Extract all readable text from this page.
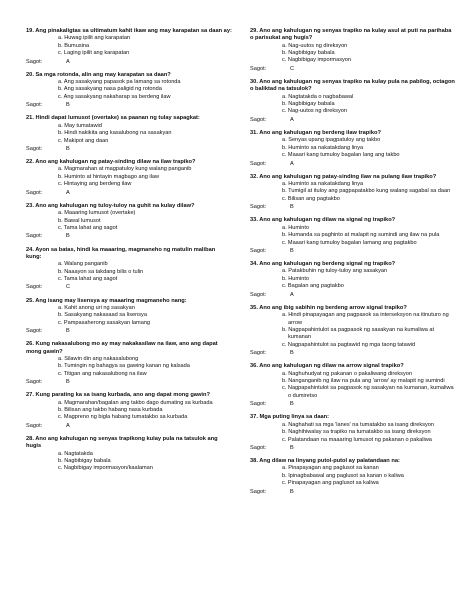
19. Ang pinakaligtas sa ultimatum kahit ikaw ang may karapatan sa daan ay:
a. Huwag ipilit ang karapatan
b. Bumusina
c. Laging ipilit ang karapatan
Sagot:	A
20. Sa mga rotonda, alin ang may karapatan sa daan?
a. Ang sasakyang papasok pa lamang sa rotonda
b. Ang sasakyang nasa paligid ng rotonda
c. Ang sasakyang nakaharap sa berdeng ilaw
Sagot:	B
21. Hindi dapat lumusot (overtake) sa paanan ng tulay sapagkat:
a. May tumatawid
b. Hindi nakikita ang kasalubong na sasakyan
c. Makipot ang daan
Sagot:	B
22. Ano ang kahulugan ng patay-sinding dilaw na ilaw trapiko?
a. Magmarahan at magpatuloy kung walang panganib
b. Huminto at hintayin magbago ang ilaw
c. Hintaying ang berdeng ilaw
Sagot:	A
23. Ano ang kahulugan ng tuloy-tuloy na guhit na kulay dilaw?
a. Maaaring lumusot (overtake)
b. Bawal lumusot
c. Tama lahat ang sagot
Sagot:	B
24. Ayon sa batas, hindi ka maaaring, magmaneho ng matulin maliban kung:
a. Walang panganib
b. Naaayon sa takdang bilis o tulin
c. Tama lahat ang sagot
Sagot:	C
25. Ang isang may lisensya ay maaaring magmaneho nang:
a. Kahit anong uri ng sasakyan
b. Sasakyang nakasaad sa lisensya
c. Pampasaherong sasakyan lamang
Sagot:	B
26. Kung nakasalubong mo ay may nakakasilaw na ilaw, ano ang dapat mong gawin?
a. Silawin din ang nakasalubong
b. Tumingin ng bahagya sa gawing kanan ng kalsada
c. Titigan ang nakasalubong na ilaw
Sagot:	B
27. Kung parating ka sa isang kurbada, ano ang dapat mong gawin?
a. Magmarahan/bagalan ang takbo dago dumating sa kurbada
b. Bilisan ang takbo habang nasa kurbada
c. Magpreno ng bigla habang tumatakbo sa kurbada
Sagot:	A
28. Ano ang kahulugan ng senyas trapikong kulay pula na tatsulok ang hugis
a. Nagtatakda
b. Nagbibigay babala
c. Nagbibigay impormasyon/kaalaman
29. Ano ang kahulugan ng senyas trapiko na kulay asul at puti na parihaba o parisukat ang hugis?
a. Nag-uutos ng direksyon
b. Nagbibigay babala
c. Nagbibigay impormasyon
Sagot:	C
30. Ano ang kahulugan ng senyas trapiko na kulay pula na pabilog, octagon o baliktad na tatsulok?
a. Nagtatakda o nagbabawal
b. Nagbibigay babala
c. Nag-uutos ng direksyon
Sagot:	A
31. Ano ang kahulugan ng berdeng ilaw trapiko?
a. Senyas upang ipagpatuloy ang takbo
b. Huminto sa nakatakdang linya
c. Maaari kang tumuloy bagalan lang ang takbo
Sagot:	A
32. Ano ang kahulugan ng patay-sinding ilaw na pulang ilaw trapiko?
a. Huminto sa nakatakdang linya
b. Tumigil at ituloy ang pagpapatakbo kung walang sagabal sa daan
c. Bilisan ang pagtakbo
Sagot:	B
33. Ano ang kahulugan ng dilaw na signal ng trapiko?
a. Huminto
b. Humanda sa paghinto at malapit ng sumindi ang ilaw na pula
c. Maaari kang tumuloy bagalan lamang ang pagtakbo
Sagot:	B
34. Ano ang kahulugan ng berdeng signal ng trapiko?
a. Patakbuhin ng tuloy-tuloy ang sasakyan
b. Huminto
c. Bagalan ang pagtakbo
Sagot:	A
35. Ano ang ibig sabihin ng berdeng arrow signal trapiko?
a. Hindi pinapayagan ang pagpasok sa interseksyon na itinuturo ng arrow
b. Nagpapahintulot sa pagpasok ng sasakyan na kumaliwa at kumanan
c. Nagpapahintulot sa pagtawid ng mga taong tatawid
Sagot:	B
36. Ano ang kahulugan ng dilaw na arrow signal trapiko?
a. Naghuhudyat ng pakanan o pakaliwang direksyon
b. Nanganganib ng ilaw na pula ang 'arrow' ay malapit ng sumindi
c. Nagpapahintulot sa pagpasok ng sasakyan na kumanan, kumaliwa o dumiretso
Sagot:	B
37. Mga puting linya sa daan:
a. Naghahati sa mga 'lanes' na tumatakbo sa isang direksyon
b. Naghihiwalay sa trapiko na tumatakbo sa isang direksyon
c. Palatandaan na maaaring lumusot ng pakanan o pakaliwa
Sagot:	B
38. Ang dilaw na linyang putol-putol ay palatandaan na:
a. Pinapayagan ang paglusot sa kanan
b. Ipinagbabawal ang paglusot sa kanan o kaliwa
c. Pinapayagan ang paglusot sa kaliwa
Sagot:	B
